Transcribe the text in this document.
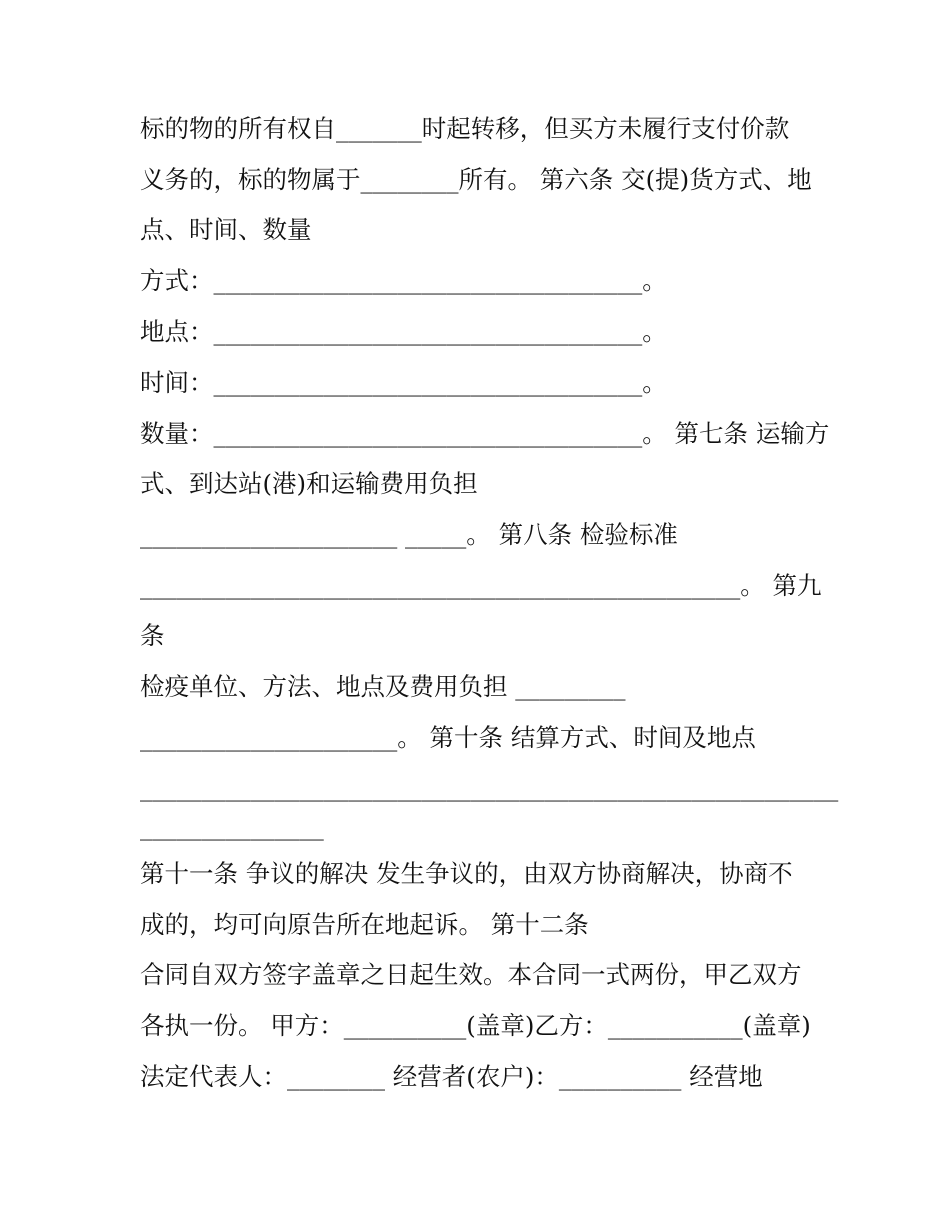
标的物的所有权自_______时起转移，但买方未履行支付价款
义务的，标的物属于________所有。 第六条 交(提)货方式、地
点、时间、数量
方式：___________________________________。
地点：___________________________________。
时间：___________________________________。
数量：___________________________________。 第七条 运输方
式、到达站(港)和运输费用负担
_____________________ _____。 第八条 检验标准
_________________________________________________。 第九
条
检疫单位、方法、地点及费用负担 _________
_____________________。 第十条 结算方式、时间及地点
_________________________________________________________
_______________
第十一条 争议的解决 发生争议的，由双方协商解决，协商不
成的，均可向原告所在地起诉。 第十二条
合同自双方签字盖章之日起生效。本合同一式两份，甲乙双方
各执一份。 甲方：__________(盖章)乙方：___________(盖章)
法定代表人：________ 经营者(农户)：__________ 经营地
